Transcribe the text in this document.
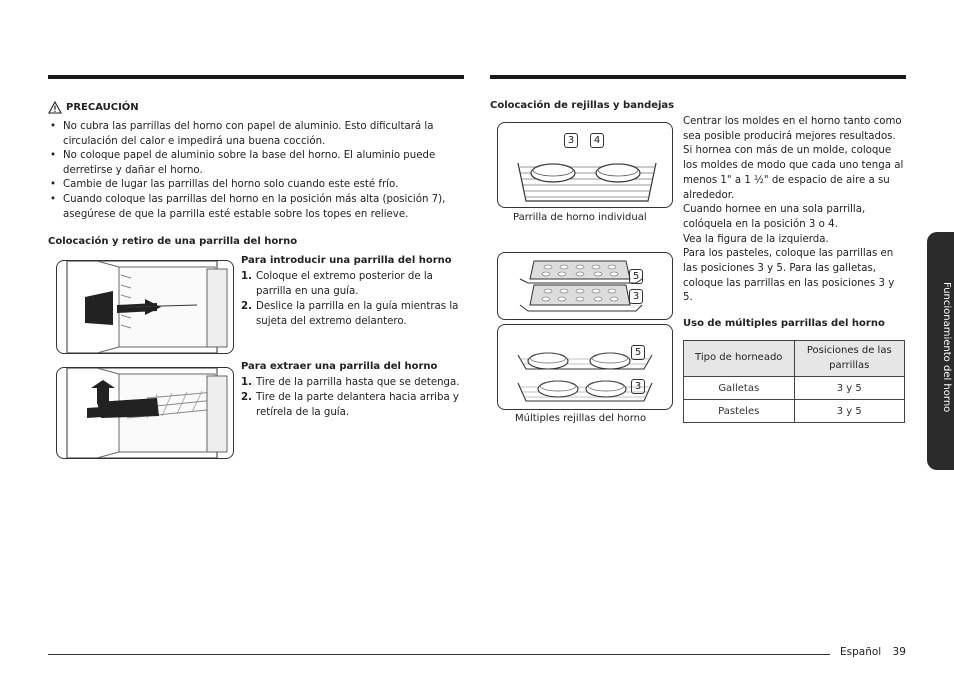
PRECAUCIÓN
• No cubra las parrillas del horno con papel de aluminio. Esto dificultará la circulación del calor e impedirá una buena cocción.
• No coloque papel de aluminio sobre la base del horno. El aluminio puede derretirse y dañar el horno.
• Cambie de lugar las parrillas del horno solo cuando este esté frío.
• Cuando coloque las parrillas del horno en la posición más alta (posición 7), asegúrese de que la parrilla esté estable sobre los topes en relieve.
Colocación y retiro de una parrilla del horno
Para introducir una parrilla del horno
1. Coloque el extremo posterior de la parrilla en una guía.
2. Deslice la parrilla en la guía mientras la sujeta del extremo delantero.
Para extraer una parrilla del horno
1. Tire de la parrilla hasta que se detenga.
2. Tire de la parte delantera hacia arriba y retírela de la guía.
Colocación de rejillas y bandejas
3	4
Parrilla de horno individual
5
3
5
3
Múltiples rejillas del horno
Centrar los moldes en el horno tanto como sea posible producirá mejores resultados.
Si hornea con más de un molde, coloque los moldes de modo que cada uno tenga al menos 1" a 1 ½" de espacio de aire a su alrededor.
Cuando hornee en una sola parrilla, colóquela en la posición 3 o 4.
Vea la figura de la izquierda.
Para los pasteles, coloque las parrillas en las posiciones 3 y 5. Para las galletas, coloque las parrillas en las posiciones 3 y 5.
Uso de múltiples parrillas del horno
Tipo de horneado	Posiciones de las parrillas
Galletas	3 y 5
Pasteles	3 y 5	Funcionamiento del horno
Español 39
